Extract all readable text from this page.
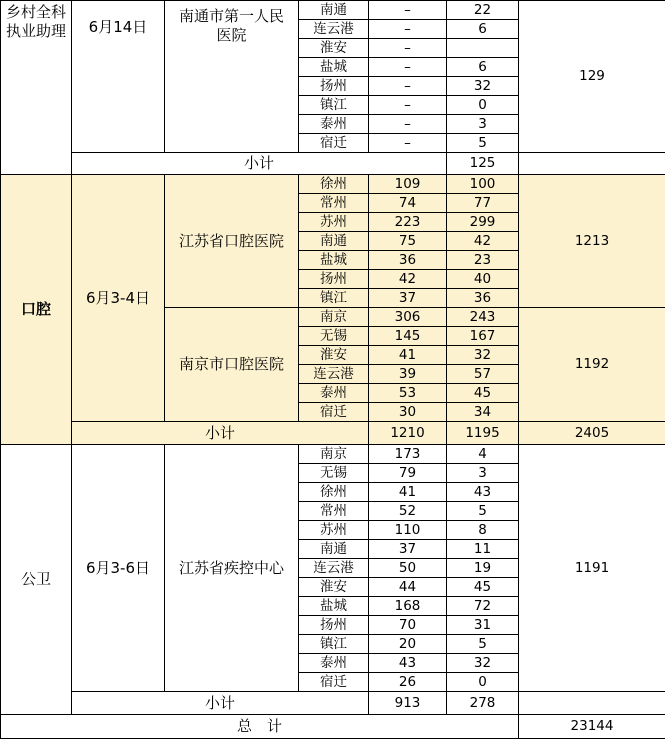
乡村全科执业助理	6月14日	南通市第一人民医院	南通	–	22	129
			连云港	–	6	
			淮安	–		
			盐城	–	6	
			扬州	–	32	
			镇江	–	0	
			泰州	–	3	
			宿迁	–	5	
	小计				125	
口腔	6月3-4日	江苏省口腔医院	徐州	109	100	1213
			常州	74	77	
			苏州	223	299	
			南通	75	42	
			盐城	36	23	
			扬州	42	40	
			镇江	37	36	
		南京市口腔医院	南京	306	243	1192
			无锡	145	167	
			淮安	41	32	
			连云港	39	57	
			泰州	53	45	
			宿迁	30	34	
	小计			1210	1195	2405
公卫	6月3-6日	江苏省疾控中心	南京	173	4	1191
			无锡	79	3	
			徐州	41	43	
			常州	52	5	
			苏州	110	8	
			南通	37	11	
			连云港	50	19	
			淮安	44	45	
			盐城	168	72	
			扬州	70	31	
			镇江	20	5	
			泰州	43	32	
			宿迁	26	0	
	小计			913	278	
总　计						23144
